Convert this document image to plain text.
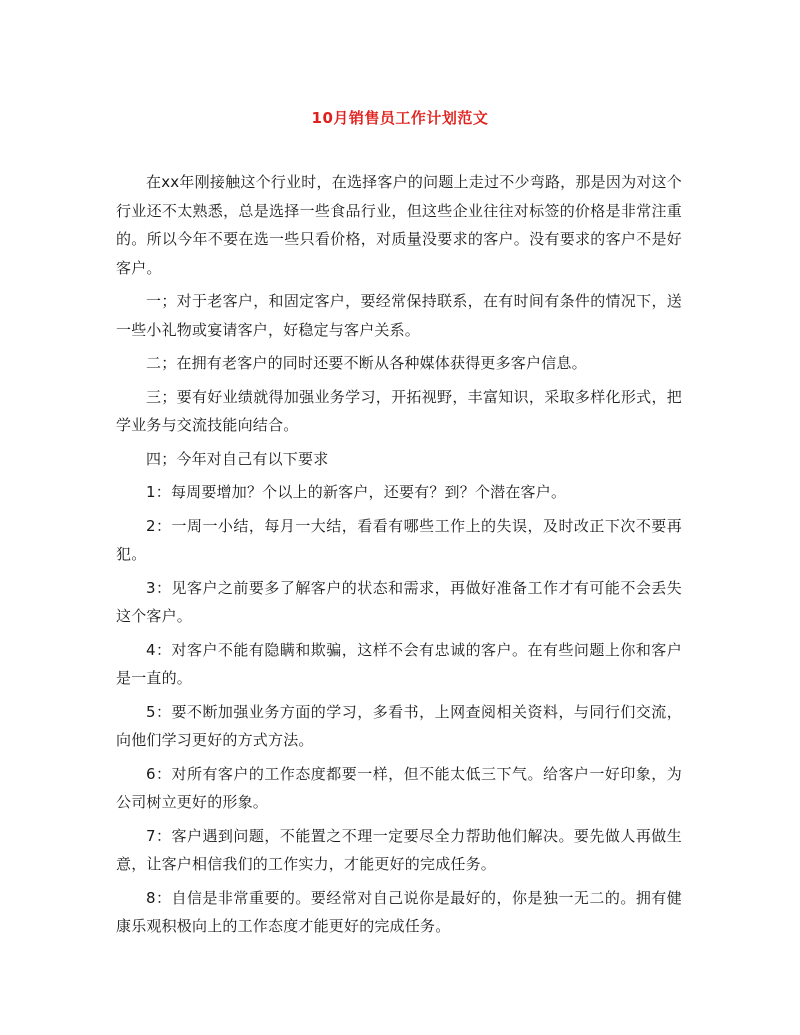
10月销售员工作计划范文

在xx年刚接触这个行业时，在选择客户的问题上走过不少弯路，那是因为对这个行业还不太熟悉，总是选择一些食品行业，但这些企业往往对标签的价格是非常注重的。所以今年不要在选一些只看价格，对质量没要求的客户。没有要求的客户不是好客户。

一；对于老客户，和固定客户，要经常保持联系，在有时间有条件的情况下，送一些小礼物或宴请客户，好稳定与客户关系。

二；在拥有老客户的同时还要不断从各种媒体获得更多客户信息。

三；要有好业绩就得加强业务学习，开拓视野，丰富知识，采取多样化形式，把学业务与交流技能向结合。

四；今年对自己有以下要求

1：每周要增加？个以上的新客户，还要有？到？个潜在客户。

2：一周一小结，每月一大结，看看有哪些工作上的失误，及时改正下次不要再犯。

3：见客户之前要多了解客户的状态和需求，再做好准备工作才有可能不会丢失这个客户。

4：对客户不能有隐瞒和欺骗，这样不会有忠诚的客户。在有些问题上你和客户是一直的。

5：要不断加强业务方面的学习，多看书，上网查阅相关资料，与同行们交流，向他们学习更好的方式方法。

6：对所有客户的工作态度都要一样，但不能太低三下气。给客户一好印象，为公司树立更好的形象。

7：客户遇到问题，不能置之不理一定要尽全力帮助他们解决。要先做人再做生意，让客户相信我们的工作实力，才能更好的完成任务。

8：自信是非常重要的。要经常对自己说你是最好的，你是独一无二的。拥有健康乐观积极向上的工作态度才能更好的完成任务。
